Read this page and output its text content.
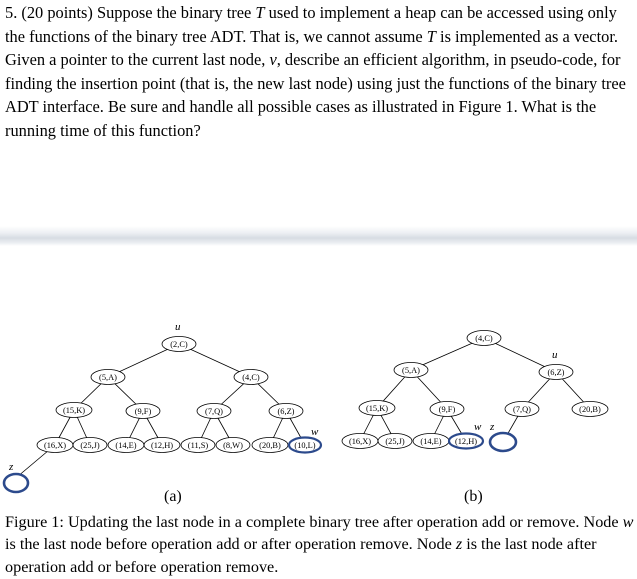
5. (20 points) Suppose the binary tree T used to implement a heap can be accessed using only the functions of the binary tree ADT. That is, we cannot assume T is implemented as a vector. Given a pointer to the current last node, v, describe an efficient algorithm, in pseudo-code, for finding the insertion point (that is, the new last node) using just the functions of the binary tree ADT interface. Be sure and handle all possible cases as illustrated in Figure 1. What is the running time of this function?
(2,C)
(5,A)	(4,C)
(15,K)	(9,F)	(7,Q)	(6,Z)
(16,X) (25,J) (14,E) (12,H) (11,S) (8,W) (20,B) (10,L)
(4,C)
(5,A)	(6,Z)
(15,K)	(9,F)	(7,Q)	(20,B)
(16,X) (25,J) (14,E) (12,H)
u
w
z
u
w z
(a)	(b)
Figure 1: Updating the last node in a complete binary tree after operation add or remove. Node w is the last node before operation add or after operation remove. Node z is the last node after operation add or before operation remove.
